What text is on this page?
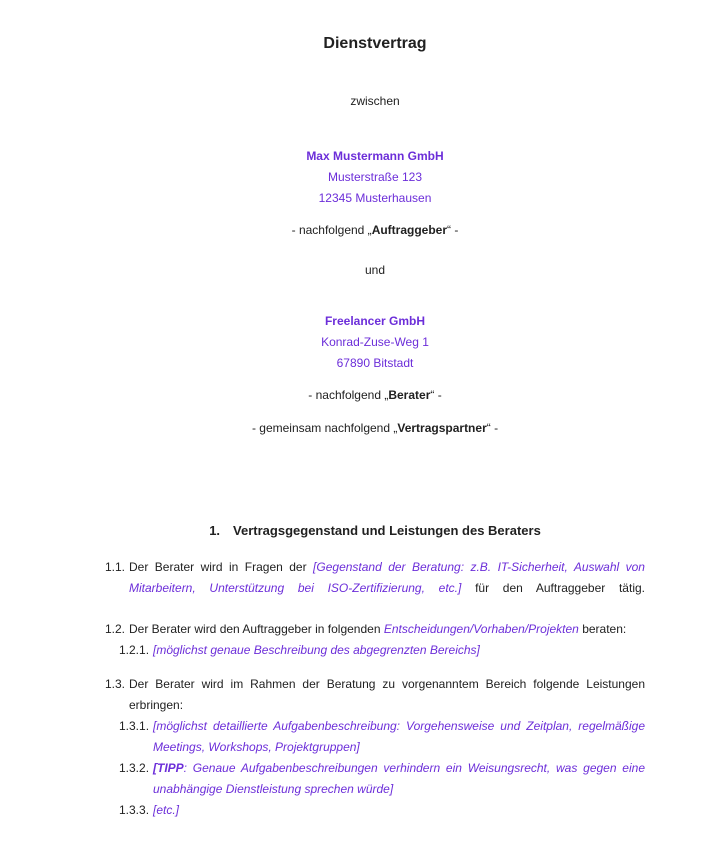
Dienstvertrag

zwischen

Max Mustermann GmbH

Musterstraße 123

12345 Musterhausen

- nachfolgend „Auftraggeber“ -

und

Freelancer GmbH

Konrad-Zuse-Weg 1

67890 Bitstadt

- nachfolgend „Berater“ -

- gemeinsam nachfolgend „Vertragspartner“ -

1. Vertragsgegenstand und Leistungen des Beraters
1.1. Der Berater wird in Fragen der [Gegenstand der Beratung: z.B. IT-Sicherheit, Auswahl von Mitarbeitern, Unterstützung bei ISO-Zertifizierung, etc.] für den Auftraggeber tätig.
1.2. Der Berater wird den Auftraggeber in folgenden Entscheidungen/Vorhaben/Projekten beraten:
1.2.1. [möglichst genaue Beschreibung des abgegrenzten Bereichs]
1.3. Der Berater wird im Rahmen der Beratung zu vorgenanntem Bereich folgende Leistungen erbringen:
1.3.1. [möglichst detaillierte Aufgabenbeschreibung: Vorgehensweise und Zeitplan, regelmäßige Meetings, Workshops, Projektgruppen]
1.3.2. [TIPP: Genaue Aufgabenbeschreibungen verhindern ein Weisungsrecht, was gegen eine unabhängige Dienstleistung sprechen würde]
1.3.3. [etc.]
